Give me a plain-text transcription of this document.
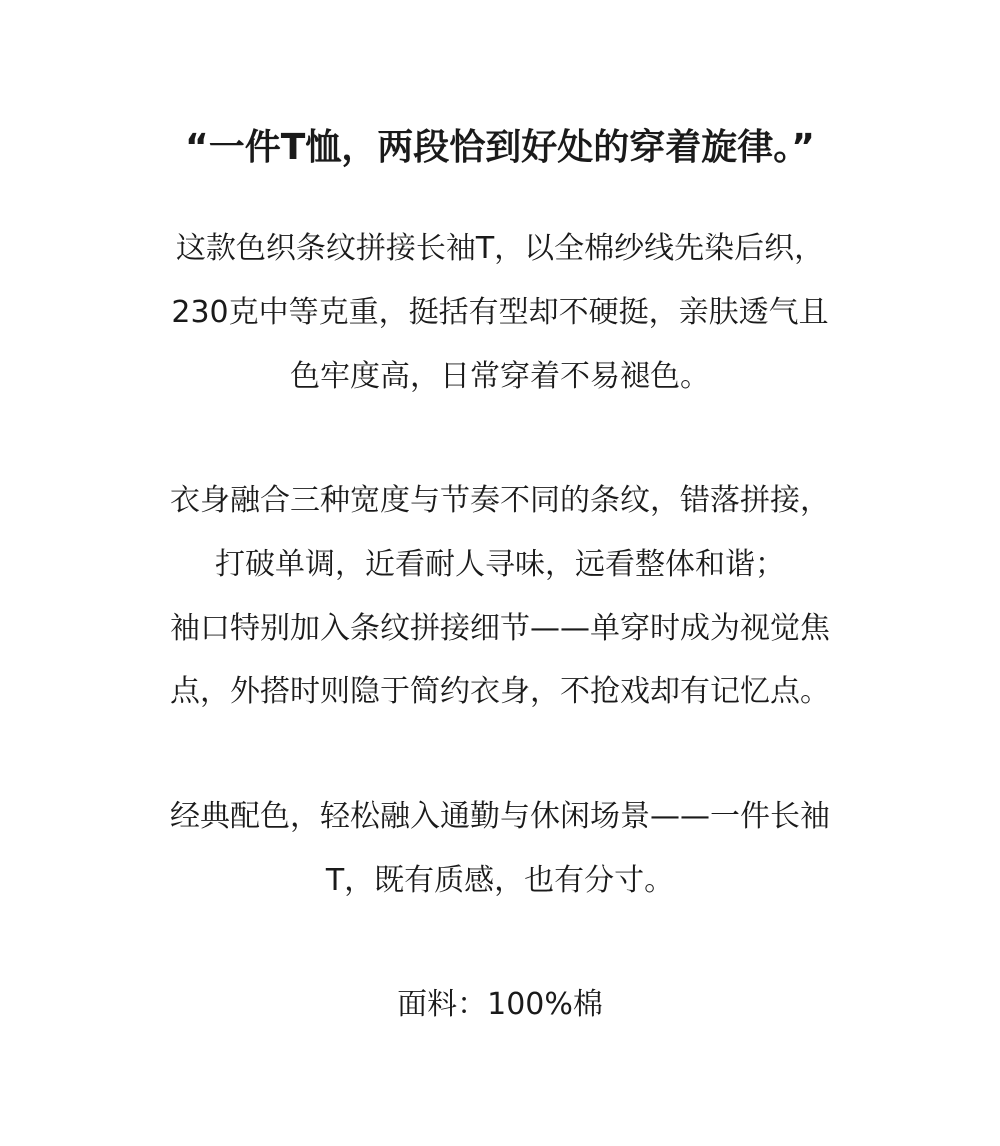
“一件T恤，两段恰到好处的穿着旋律。”
这款色织条纹拼接长袖T，以全棉纱线先染后织，
230克中等克重，挺括有型却不硬挺，亲肤透气且
色牢度高，日常穿着不易褪色。
衣身融合三种宽度与节奏不同的条纹，错落拼接，
打破单调，近看耐人寻味，远看整体和谐；
袖口特别加入条纹拼接细节——单穿时成为视觉焦
点，外搭时则隐于简约衣身，不抢戏却有记忆点。
经典配色，轻松融入通勤与休闲场景——一件长袖
T，既有质感，也有分寸。
面料：100%棉
